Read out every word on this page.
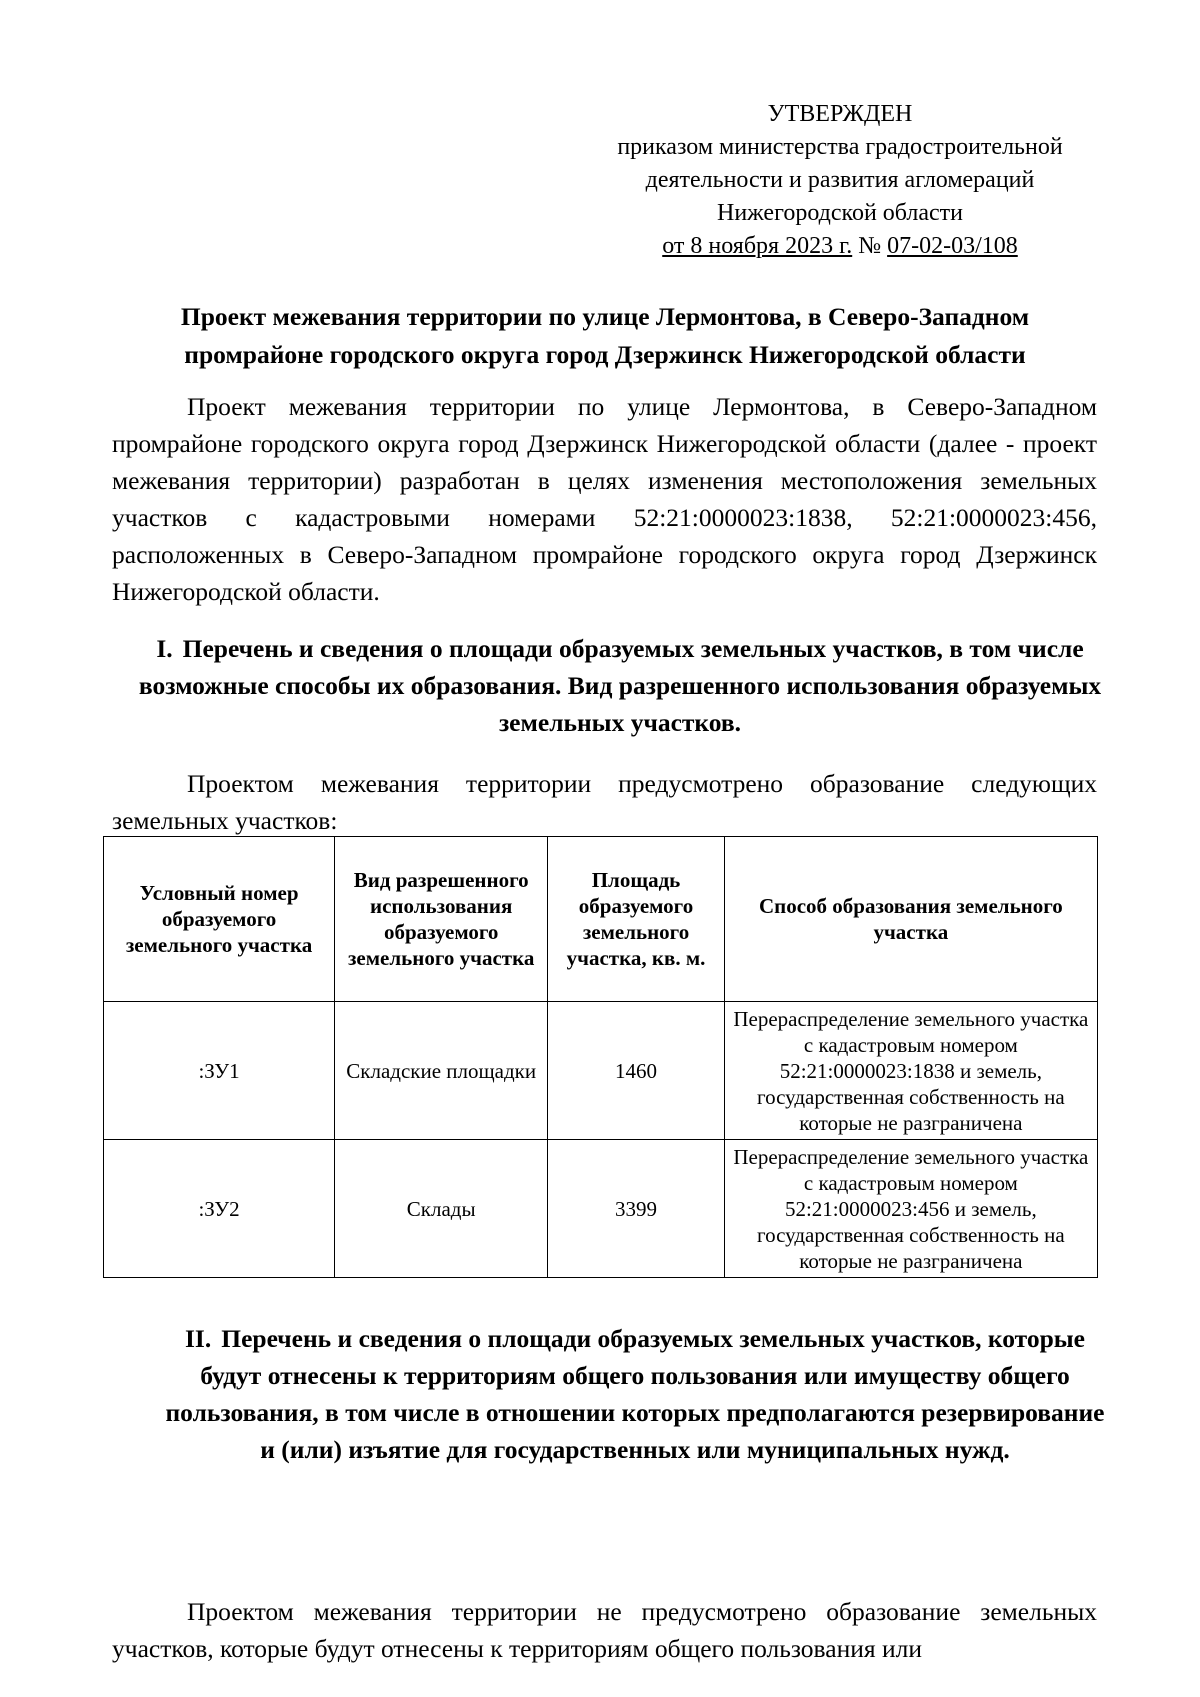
УТВЕРЖДЕН
приказом министерства градостроительной
деятельности и развития агломераций
Нижегородской области
от 8 ноября 2023 г. № 07-02-03/108
Проект межевания территории по улице Лермонтова, в Северо-Западном промрайоне городского округа город Дзержинск Нижегородской области

Проект межевания территории по улице Лермонтова, в Северо-Западном промрайоне городского округа город Дзержинск Нижегородской области (далее - проект межевания территории) разработан в целях изменения местоположения земельных участков с кадастровыми номерами 52:21:0000023:1838, 52:21:0000023:456, расположенных в Северо-Западном промрайоне городского округа город Дзержинск Нижегородской области.

I. Перечень и сведения о площади образуемых земельных участков, в том числе возможные способы их образования. Вид разрешенного использования образуемых земельных участков.

Проектом межевания территории предусмотрено образование следующих земельных участков:

Условный номер образуемого земельного участка	Вид разрешенного использования образуемого земельного участка	Площадь образуемого земельного участка, кв. м.	Способ образования земельного участка
:ЗУ1	Складские площадки	1460	Перераспределение земельного участка с кадастровым номером 52:21:0000023:1838 и земель, государственная собственность на которые не разграничена
:ЗУ2	Склады	3399	Перераспределение земельного участка с кадастровым номером 52:21:0000023:456 и земель, государственная собственность на которые не разграничена
II. Перечень и сведения о площади образуемых земельных участков, которые будут отнесены к территориям общего пользования или имуществу общего пользования, в том числе в отношении которых предполагаются резервирование и (или) изъятие для государственных или муниципальных нужд.

Проектом межевания территории не предусмотрено образование земельных участков, которые будут отнесены к территориям общего пользования или
